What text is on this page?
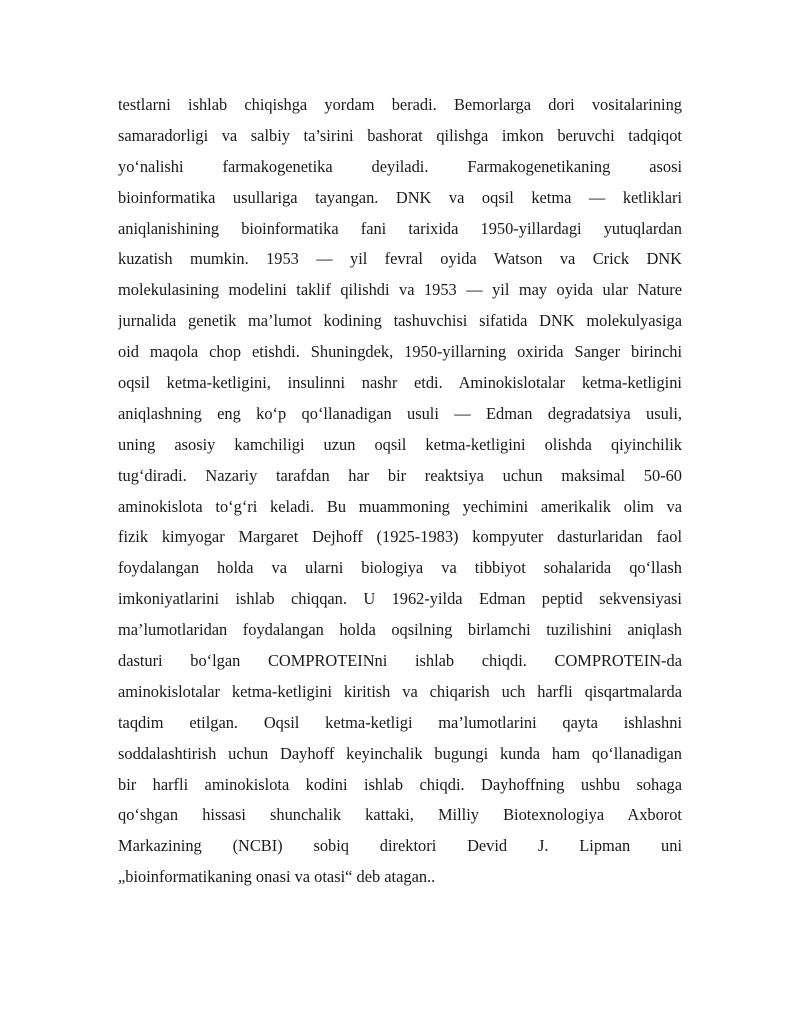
testlarni ishlab chiqishga yordam beradi. Bemorlarga dori vositalarining
samaradorligi va salbiy ta’sirini bashorat qilishga imkon beruvchi tadqiqot
yo‘nalishi farmakogenetika deyiladi. Farmakogenetikaning asosi
bioinformatika usullariga tayangan. DNK va oqsil ketma — ketliklari
aniqlanishining bioinformatika fani tarixida 1950-yillardagi yutuqlardan
kuzatish mumkin. 1953 — yil fevral oyida Watson va Crick DNK
molekulasining modelini taklif qilishdi va 1953 — yil may oyida ular Nature
jurnalida genetik ma’lumot kodining tashuvchisi sifatida DNK molekulyasiga
oid maqola chop etishdi. Shuningdek, 1950-yillarning oxirida Sanger birinchi
oqsil ketma-ketligini, insulinni nashr etdi. Aminokislotalar ketma-ketligini
aniqlashning eng ko‘p qo‘llanadigan usuli — Edman degradatsiya usuli,
uning asosiy kamchiligi uzun oqsil ketma-ketligini olishda qiyinchilik
tug‘diradi. Nazariy tarafdan har bir reaktsiya uchun maksimal 50-60
aminokislota to‘g‘ri keladi. Bu muammoning yechimini amerikalik olim va
fizik kimyogar Margaret Dejhoff (1925-1983) kompyuter dasturlaridan faol
foydalangan holda va ularni biologiya va tibbiyot sohalarida qo‘llash
imkoniyatlarini ishlab chiqqan. U 1962-yilda Edman peptid sekvensiyasi
ma’lumotlaridan foydalangan holda oqsilning birlamchi tuzilishini aniqlash
dasturi bo‘lgan COMPROTEINni ishlab chiqdi. COMPROTEIN-da
aminokislotalar ketma-ketligini kiritish va chiqarish uch harfli qisqartmalarda
taqdim etilgan. Oqsil ketma-ketligi ma’lumotlarini qayta ishlashni
soddalashtirish uchun Dayhoff keyinchalik bugungi kunda ham qo‘llanadigan
bir harfli aminokislota kodini ishlab chiqdi. Dayhoffning ushbu sohaga
qo‘shgan hissasi shunchalik kattaki, Milliy Biotexnologiya Axborot
Markazining (NCBI) sobiq direktori Devid J. Lipman uni
„bioinformatikaning onasi va otasi“ deb atagan..
